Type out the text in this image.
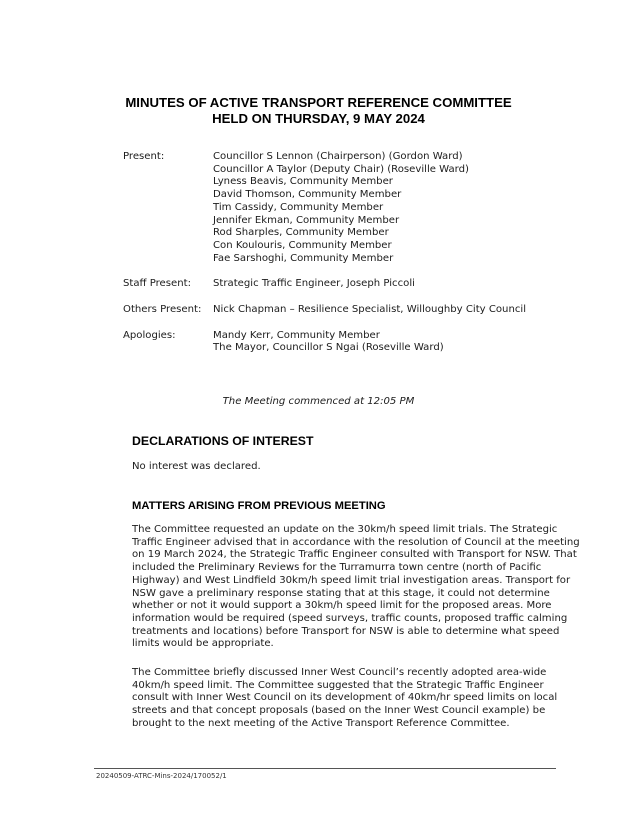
MINUTES OF ACTIVE TRANSPORT REFERENCE COMMITTEE
HELD ON THURSDAY, 9 MAY 2024
Present:	Councillor S Lennon (Chairperson) (Gordon Ward)
Councillor A Taylor (Deputy Chair) (Roseville Ward)
Lyness Beavis, Community Member
David Thomson, Community Member
Tim Cassidy, Community Member
Jennifer Ekman, Community Member
Rod Sharples, Community Member
Con Koulouris, Community Member
Fae Sarshoghi, Community Member
Staff Present:	Strategic Traffic Engineer, Joseph Piccoli
Others Present:	Nick Chapman – Resilience Specialist, Willoughby City Council
Apologies:	Mandy Kerr, Community Member
The Mayor, Councillor S Ngai (Roseville Ward)
The Meeting commenced at 12:05 PM
DECLARATIONS OF INTEREST
No interest was declared.
MATTERS ARISING FROM PREVIOUS MEETING
The Committee requested an update on the 30km/h speed limit trials. The Strategic
Traffic Engineer advised that in accordance with the resolution of Council at the meeting
on 19 March 2024, the Strategic Traffic Engineer consulted with Transport for NSW. That
included the Preliminary Reviews for the Turramurra town centre (north of Pacific
Highway) and West Lindfield 30km/h speed limit trial investigation areas. Transport for
NSW gave a preliminary response stating that at this stage, it could not determine
whether or not it would support a 30km/h speed limit for the proposed areas. More
information would be required (speed surveys, traffic counts, proposed traffic calming
treatments and locations) before Transport for NSW is able to determine what speed
limits would be appropriate.
The Committee briefly discussed Inner West Council’s recently adopted area-wide
40km/h speed limit. The Committee suggested that the Strategic Traffic Engineer
consult with Inner West Council on its development of 40km/hr speed limits on local
streets and that concept proposals (based on the Inner West Council example) be
brought to the next meeting of the Active Transport Reference Committee.
20240509-ATRC-Mins-2024/170052/1
